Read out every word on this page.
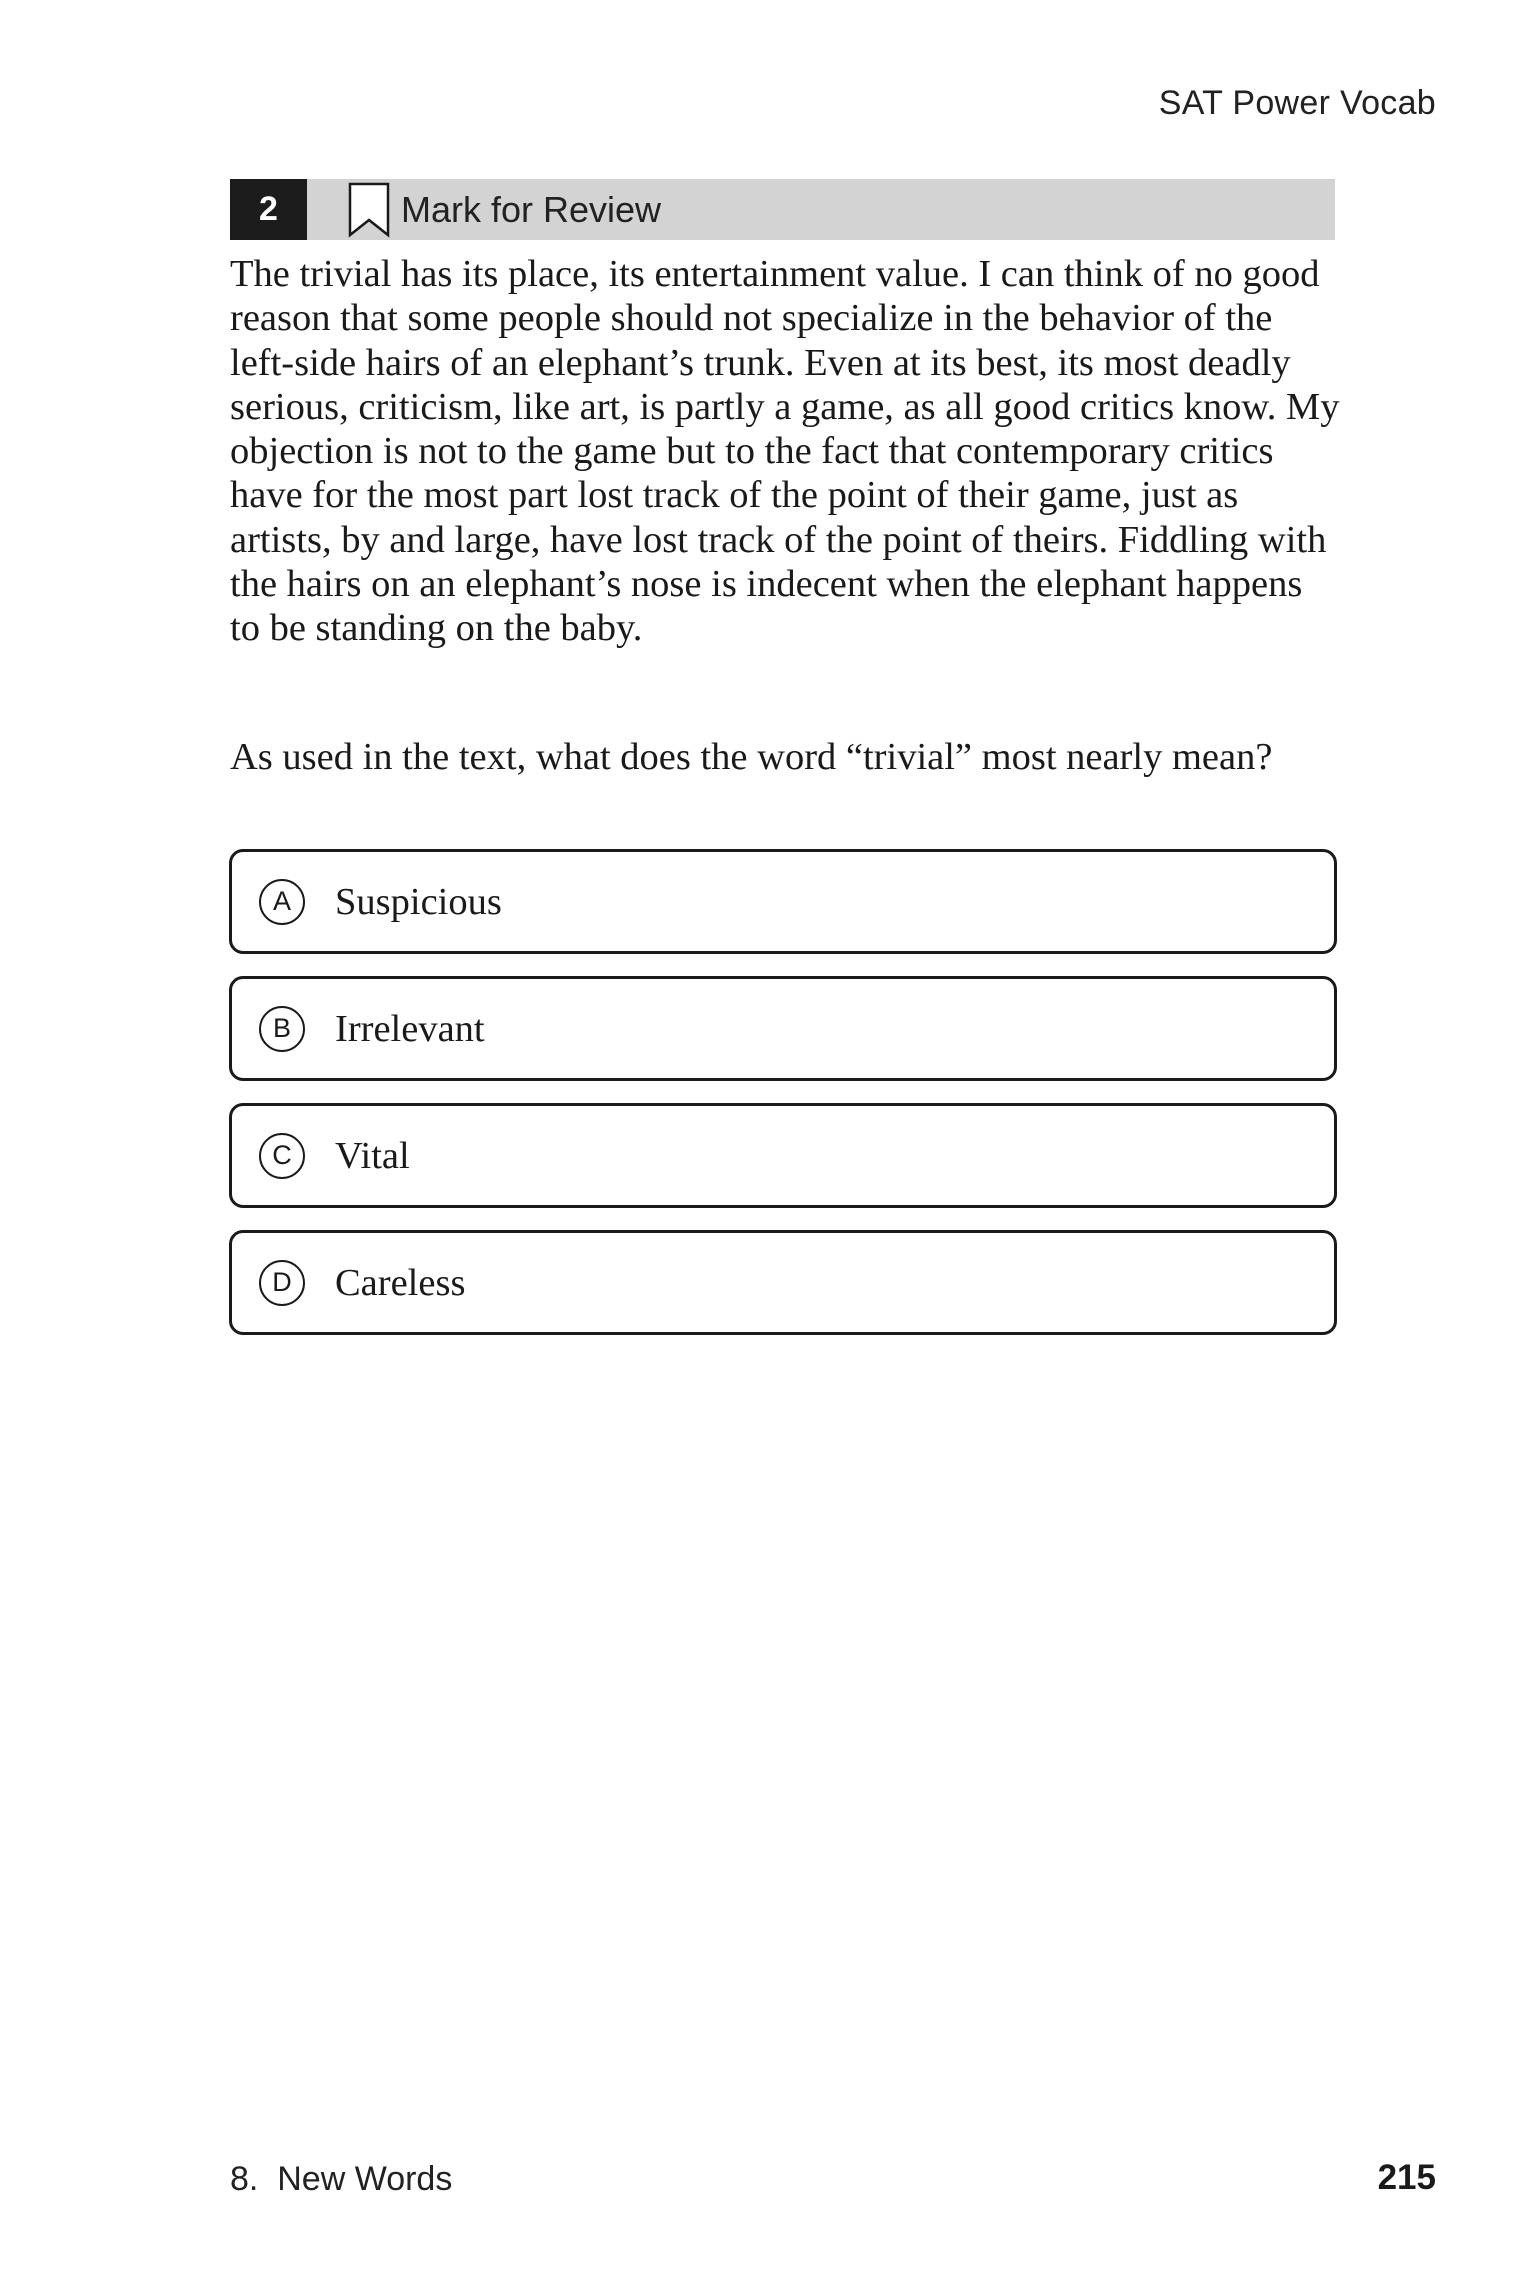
SAT Power Vocab
2	Mark for Review

The trivial has its place, its entertainment value. I can think of no good reason that some people should not specialize in the behavior of the left-side hairs of an elephant’s trunk. Even at its best, its most deadly serious, criticism, like art, is partly a game, as all good critics know. My objection is not to the game but to the fact that contemporary critics have for the most part lost track of the point of their game, just as artists, by and large, have lost track of the point of theirs. Fiddling with the hairs on an elephant’s nose is indecent when the elephant happens to be standing on the baby.

As used in the text, what does the word “trivial” most nearly mean?

A	Suspicious
B	Irrelevant
C	Vital
D	Careless
8.  New Words	215
